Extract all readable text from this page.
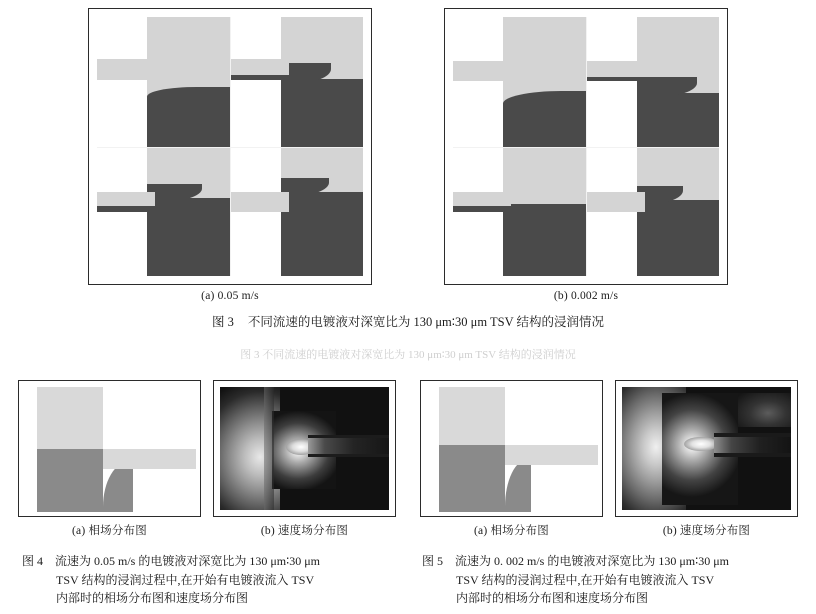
(a) 0.05 m/s	(b) 0.002 m/s
图 3 不同流速的电镀液对深宽比为 130 μm∶30 μm TSV 结构的浸润情况
图 3 不同流速的电镀液对深宽比为 130 μm∶30 μm TSV 结构的浸润情况
(a) 相场分布图	(b) 速度场分布图	(a) 相场分布图	(b) 速度场分布图

图 4 流速为 0.05 m/s 的电镀液对深宽比为 130 μm∶30 μm

TSV 结构的浸润过程中,在开始有电镀液流入 TSV

内部时的相场分布图和速度场分布图

图 5 流速为 0. 002 m/s 的电镀液对深宽比为 130 μm∶30 μm

TSV 结构的浸润过程中,在开始有电镀液流入 TSV

内部时的相场分布图和速度场分布图
